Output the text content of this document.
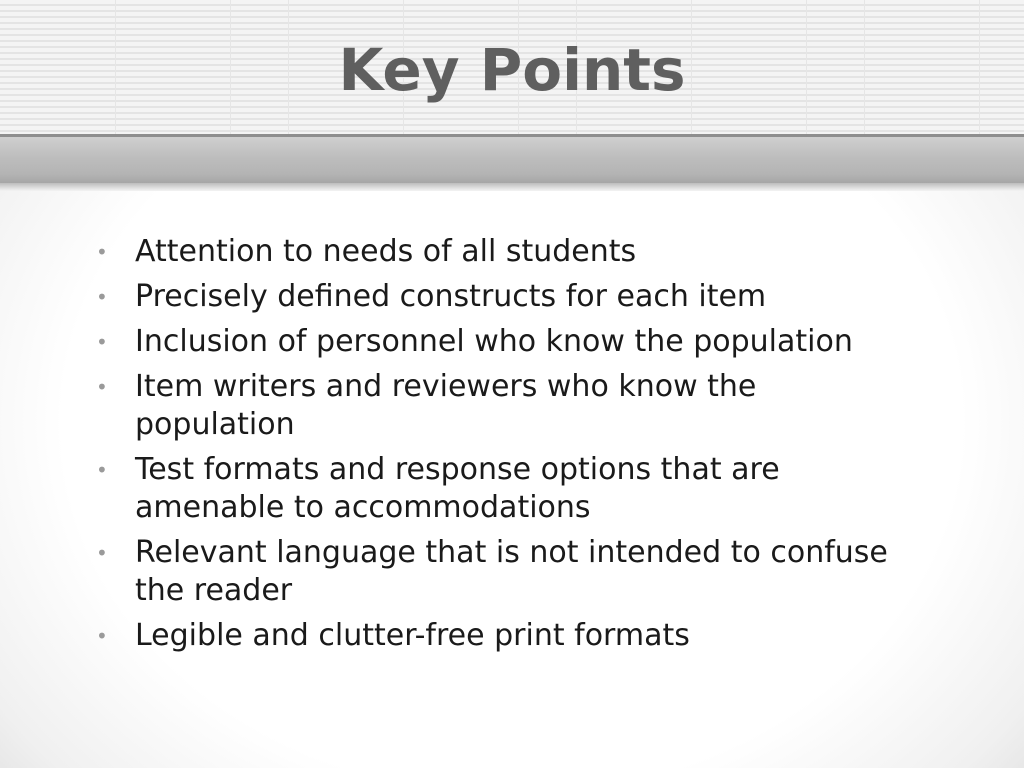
Key Points
• Attention to needs of all students
• Precisely defined constructs for each item
• Inclusion of personnel who know the population
• Item writers and reviewers who know the population
• Test formats and response options that are amenable to accommodations
• Relevant language that is not intended to confuse the reader
• Legible and clutter-free print formats
